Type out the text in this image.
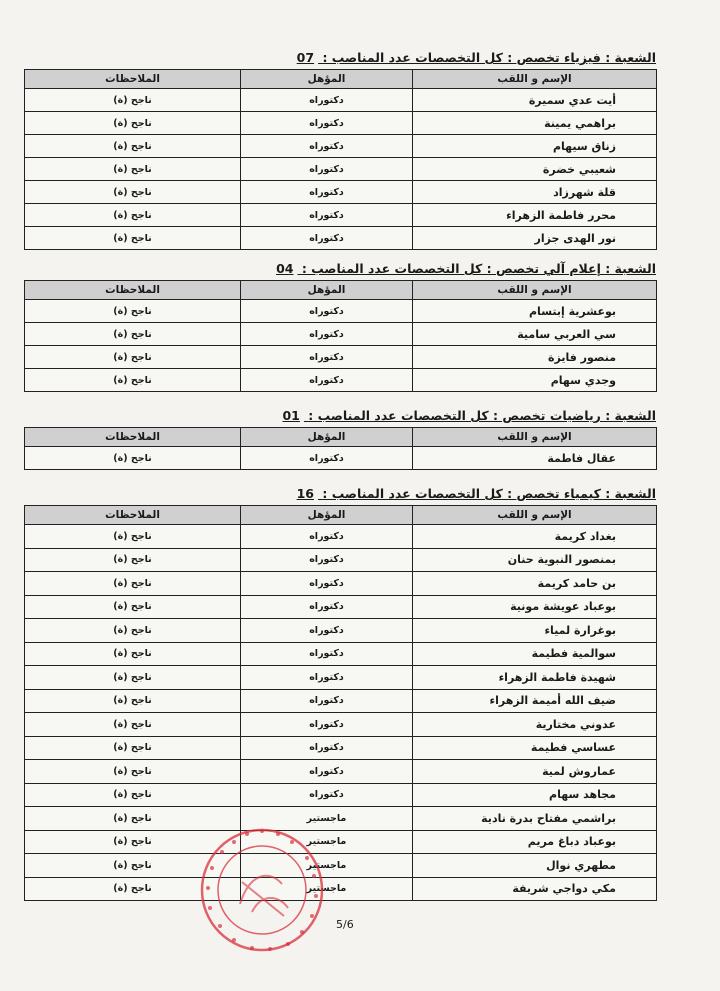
الشعبة : فيزياء تخصص : كل التخصصات عدد المناصب : 07
الإسم و اللقب	المؤهل	الملاحظات
أيت عدي سميرة	دكتوراه	ناجح (ة)
براهمي يمينة	دكتوراه	ناجح (ة)
زناق سيهام	دكتوراه	ناجح (ة)
شعيبي خضرة	دكتوراه	ناجح (ة)
قلة شهرزاد	دكتوراه	ناجح (ة)
محرر فاطمة الزهراء	دكتوراه	ناجح (ة)
نور الهدى جزار	دكتوراه	ناجح (ة)
الشعبة : إعلام آلي تخصص : كل التخصصات عدد المناصب : 04
الإسم و اللقب	المؤهل	الملاحظات
بوعشرية إبتسام	دكتوراه	ناجح (ة)
سي العربي سامية	دكتوراه	ناجح (ة)
منصور فايزة	دكتوراه	ناجح (ة)
وجدي سهام	دكتوراه	ناجح (ة)
الشعبة : رياضيات تخصص : كل التخصصات عدد المناصب : 01
الإسم و اللقب	المؤهل	الملاحظات
عقال فاطمة	دكتوراه	ناجح (ة)
الشعبة : كيمياء تخصص : كل التخصصات عدد المناصب : 16
الإسم و اللقب	المؤهل	الملاحظات
بغداد كريمة	دكتوراه	ناجح (ة)
بمنصور النبوية حنان	دكتوراه	ناجح (ة)
بن حامد كريمة	دكتوراه	ناجح (ة)
بوعباد عويشة مونية	دكتوراه	ناجح (ة)
بوغرارة لمياء	دكتوراه	ناجح (ة)
سوالمية فطيمة	دكتوراه	ناجح (ة)
شهيدة فاطمة الزهراء	دكتوراه	ناجح (ة)
ضيف الله أميمة الزهراء	دكتوراه	ناجح (ة)
عدوني مختارية	دكتوراه	ناجح (ة)
عساسي فطيمة	دكتوراه	ناجح (ة)
عماروش لمية	دكتوراه	ناجح (ة)
مجاهد سهام	دكتوراه	ناجح (ة)
براشمي مفتاح بدرة نادية	ماجستير	ناجح (ة)
بوعباد دباغ مريم	ماجستير	ناجح (ة)
مطهري نوال	ماجستير	ناجح (ة)
مكي دواجي شريفة	ماجستير	ناجح (ة)
5/6
